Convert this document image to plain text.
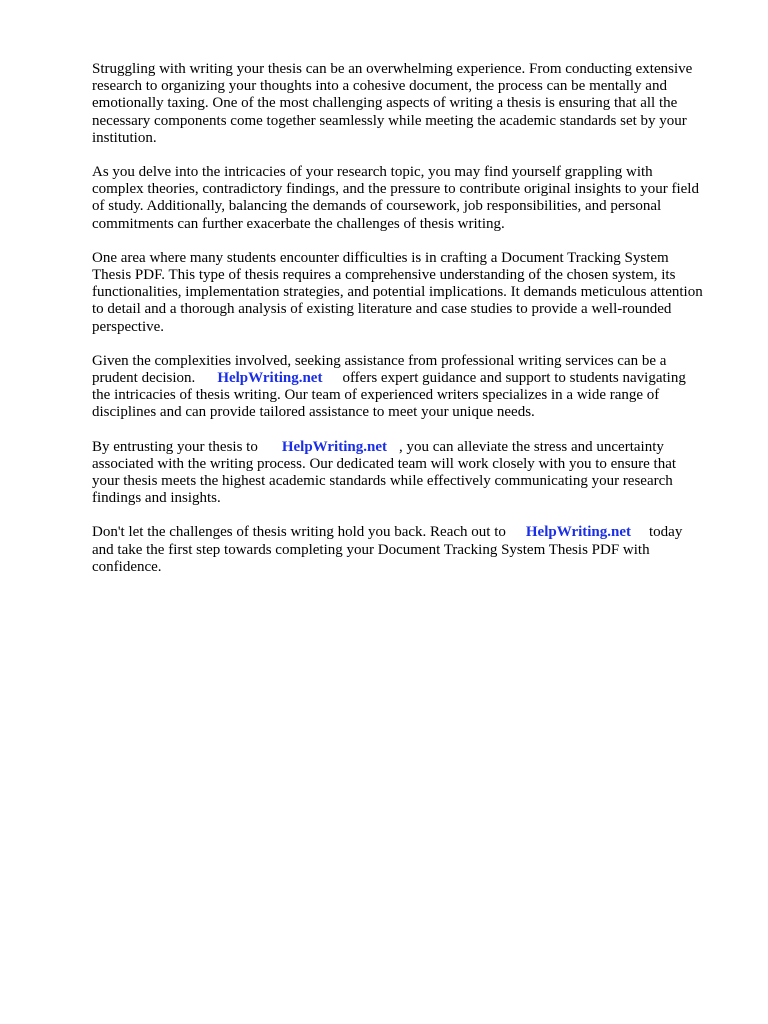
Struggling with writing your thesis can be an overwhelming experience. From conducting extensive
research to organizing your thoughts into a cohesive document, the process can be mentally and
emotionally taxing. One of the most challenging aspects of writing a thesis is ensuring that all the
necessary components come together seamlessly while meeting the academic standards set by your
institution.

As you delve into the intricacies of your research topic, you may find yourself grappling with
complex theories, contradictory findings, and the pressure to contribute original insights to your field
of study. Additionally, balancing the demands of coursework, job responsibilities, and personal
commitments can further exacerbate the challenges of thesis writing.

One area where many students encounter difficulties is in crafting a Document Tracking System
Thesis PDF. This type of thesis requires a comprehensive understanding of the chosen system, its
functionalities, implementation strategies, and potential implications. It demands meticulous attention
to detail and a thorough analysis of existing literature and case studies to provide a well-rounded
perspective.

Given the complexities involved, seeking assistance from professional writing services can be a
prudent decision. HelpWriting.net offers expert guidance and support to students navigating
the intricacies of thesis writing. Our team of experienced writers specializes in a wide range of
disciplines and can provide tailored assistance to meet your unique needs.

By entrusting your thesis to HelpWriting.net , you can alleviate the stress and uncertainty
associated with the writing process. Our dedicated team will work closely with you to ensure that
your thesis meets the highest academic standards while effectively communicating your research
findings and insights.

Don't let the challenges of thesis writing hold you back. Reach out to HelpWriting.net today
and take the first step towards completing your Document Tracking System Thesis PDF with
confidence.
